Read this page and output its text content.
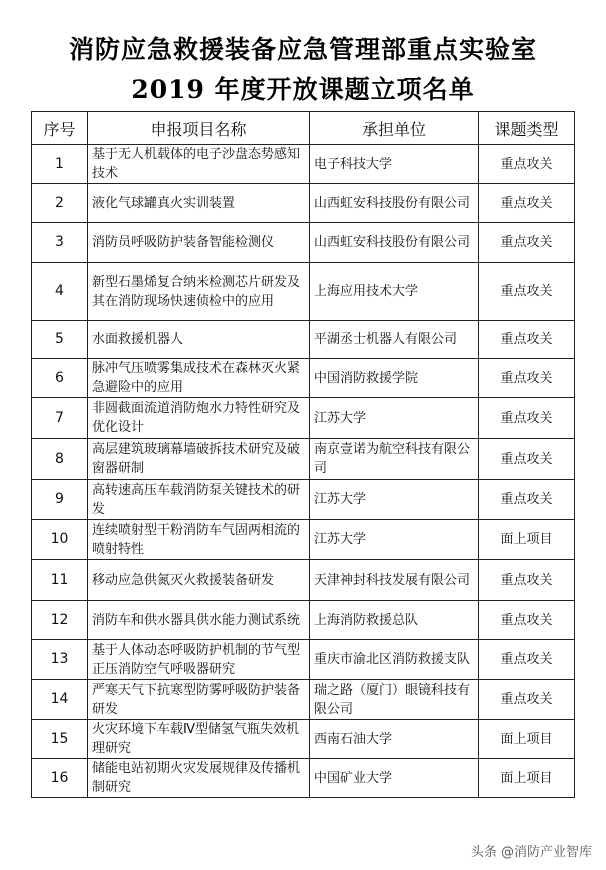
消防应急救援装备应急管理部重点实验室
2019 年度开放课题立项名单
序号	申报项目名称	承担单位	课题类型
1	基于无人机载体的电子沙盘态势感知技术	电子科技大学	重点攻关
2	液化气球罐真火实训装置	山西虹安科技股份有限公司	重点攻关
3	消防员呼吸防护装备智能检测仪	山西虹安科技股份有限公司	重点攻关
4	新型石墨烯复合纳米检测芯片研发及其在消防现场快速侦检中的应用	上海应用技术大学	重点攻关
5	水面救援机器人	平湖丞士机器人有限公司	重点攻关
6	脉冲气压喷雾集成技术在森林灭火紧急避险中的应用	中国消防救援学院	重点攻关
7	非圆截面流道消防炮水力特性研究及优化设计	江苏大学	重点攻关
8	高层建筑玻璃幕墙破拆技术研究及破窗器研制	南京壹诺为航空科技有限公司	重点攻关
9	高转速高压车载消防泵关键技术的研发	江苏大学	重点攻关
10	连续喷射型干粉消防车气固两相流的喷射特性	江苏大学	面上项目
11	移动应急供氮灭火救援装备研发	天津神封科技发展有限公司	重点攻关
12	消防车和供水器具供水能力测试系统	上海消防救援总队	重点攻关
13	基于人体动态呼吸防护机制的节气型正压消防空气呼吸器研究	重庆市渝北区消防救援支队	重点攻关
14	严寒天气下抗寒型防雾呼吸防护装备研发	瑞之路（厦门）眼镜科技有限公司	重点攻关
15	火灾环境下车载Ⅳ型储氢气瓶失效机理研究	西南石油大学	面上项目
16	储能电站初期火灾发展规律及传播机制研究	中国矿业大学	面上项目
头条 @消防产业智库
